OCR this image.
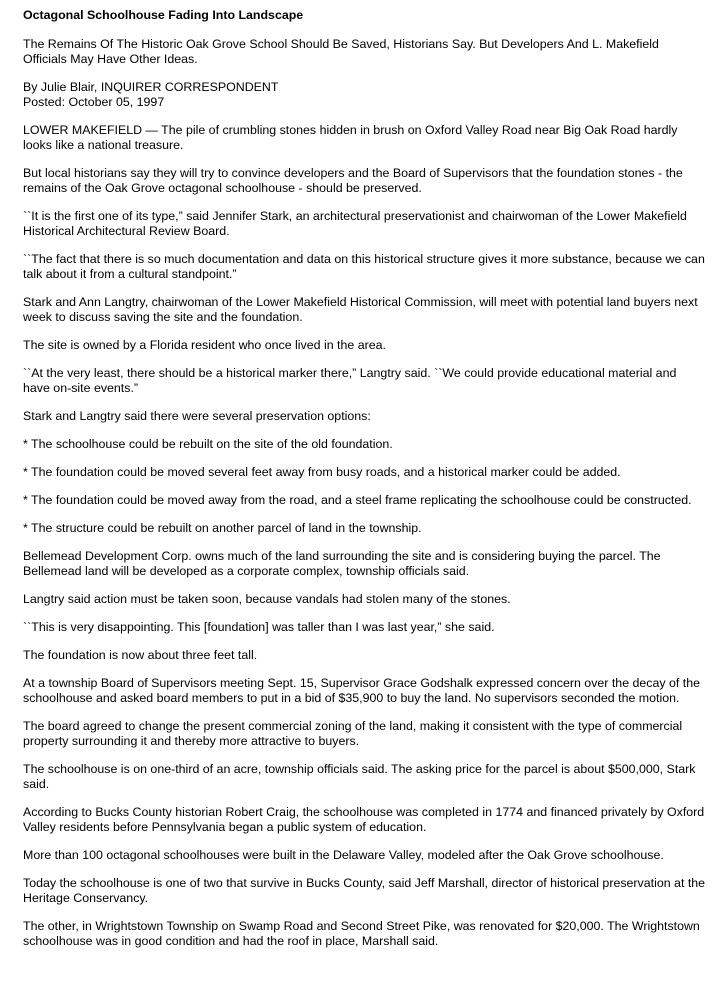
Octagonal Schoolhouse Fading Into Landscape

The Remains Of The Historic Oak Grove School Should Be Saved, Historians Say. But Developers And L. Makefield Officials May Have Other Ideas.

By Julie Blair, INQUIRER CORRESPONDENT

Posted: October 05, 1997

LOWER MAKEFIELD — The pile of crumbling stones hidden in brush on Oxford Valley Road near Big Oak Road hardly looks like a national treasure.

But local historians say they will try to convince developers and the Board of Supervisors that the foundation stones - the remains of the Oak Grove octagonal schoolhouse - should be preserved.

``It is the first one of its type,” said Jennifer Stark, an architectural preservationist and chairwoman of the Lower Makefield Historical Architectural Review Board.

``The fact that there is so much documentation and data on this historical structure gives it more substance, because we can talk about it from a cultural standpoint.”

Stark and Ann Langtry, chairwoman of the Lower Makefield Historical Commission, will meet with potential land buyers next week to discuss saving the site and the foundation.

The site is owned by a Florida resident who once lived in the area.

``At the very least, there should be a historical marker there,” Langtry said. ``We could provide educational material and have on-site events.”

Stark and Langtry said there were several preservation options:

* The schoolhouse could be rebuilt on the site of the old foundation.

* The foundation could be moved several feet away from busy roads, and a historical marker could be added.

* The foundation could be moved away from the road, and a steel frame replicating the schoolhouse could be constructed.

* The structure could be rebuilt on another parcel of land in the township.

Bellemead Development Corp. owns much of the land surrounding the site and is considering buying the parcel. The Bellemead land will be developed as a corporate complex, township officials said.

Langtry said action must be taken soon, because vandals had stolen many of the stones.

``This is very disappointing. This [foundation] was taller than I was last year,” she said.

The foundation is now about three feet tall.

At a township Board of Supervisors meeting Sept. 15, Supervisor Grace Godshalk expressed concern over the decay of the schoolhouse and asked board members to put in a bid of $35,900 to buy the land. No supervisors seconded the motion.

The board agreed to change the present commercial zoning of the land, making it consistent with the type of commercial property surrounding it and thereby more attractive to buyers.

The schoolhouse is on one-third of an acre, township officials said. The asking price for the parcel is about $500,000, Stark said.

According to Bucks County historian Robert Craig, the schoolhouse was completed in 1774 and financed privately by Oxford Valley residents before Pennsylvania began a public system of education.

More than 100 octagonal schoolhouses were built in the Delaware Valley, modeled after the Oak Grove schoolhouse.

Today the schoolhouse is one of two that survive in Bucks County, said Jeff Marshall, director of historical preservation at the Heritage Conservancy.

The other, in Wrightstown Township on Swamp Road and Second Street Pike, was renovated for $20,000. The Wrightstown schoolhouse was in good condition and had the roof in place, Marshall said.
